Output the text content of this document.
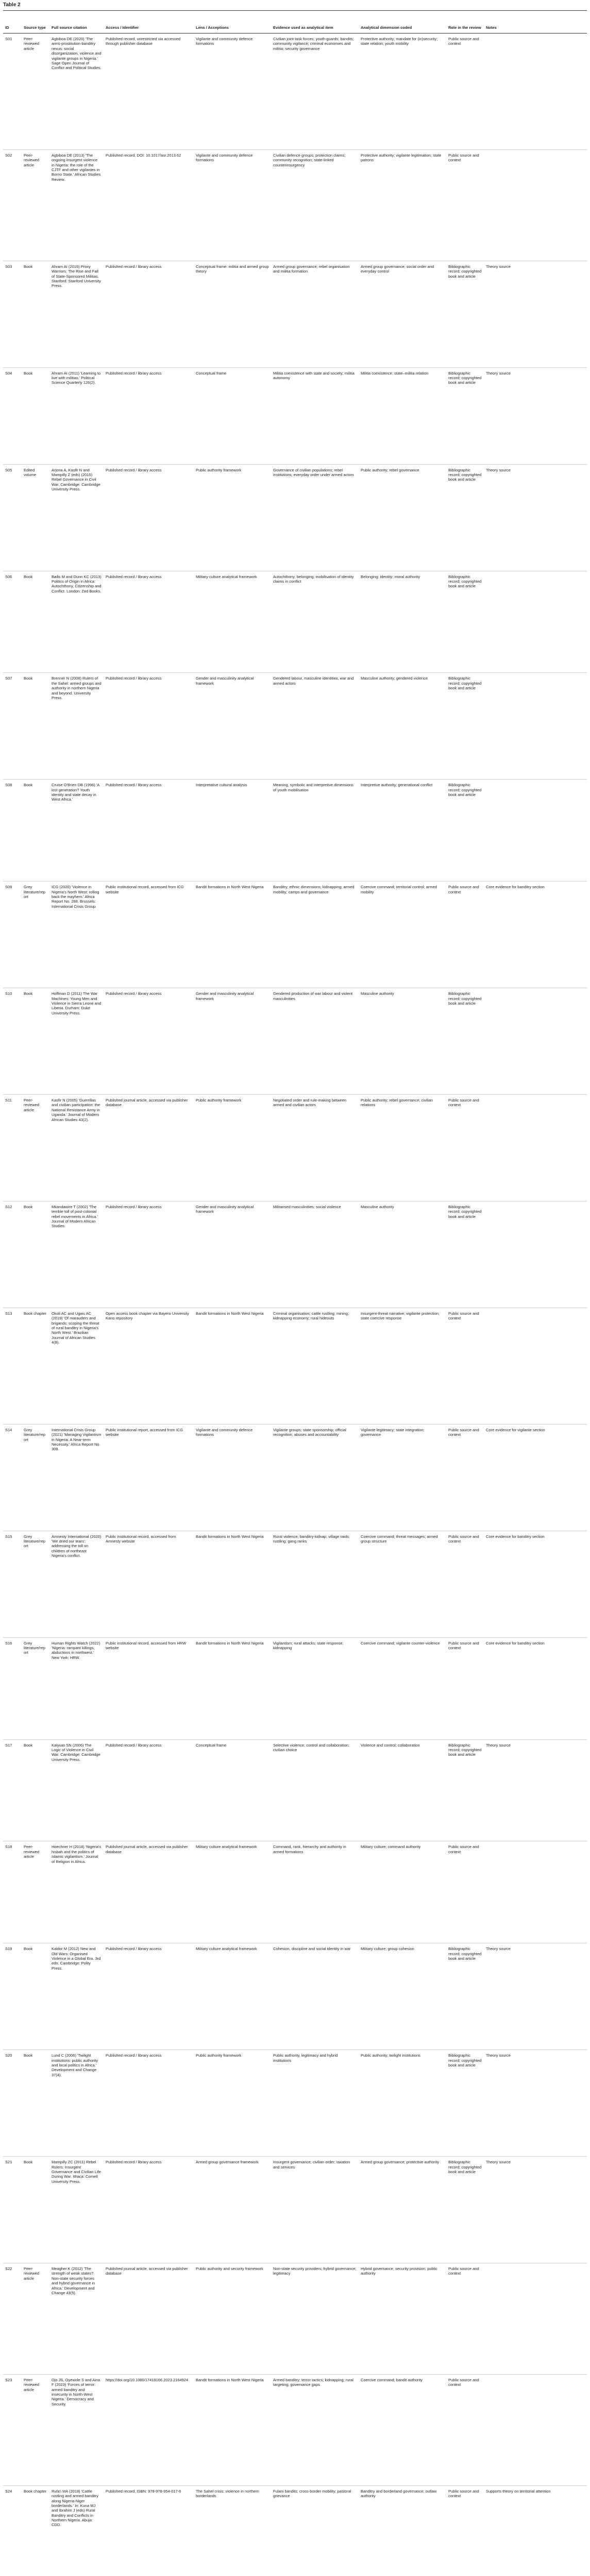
Table 2
ID	Source type	Full source citation	Access / Identifier	Lens / Acceptions	Evidence used as analytical item	Analytical dimension coded	Role in the review	Notes
S01	Peer-reviewed article	Agbiboa DE (2020) 'The arms-prostitution-banditry nexus: social disorganization, violence and vigilante groups in Nigeria.' Sage Open Journal of Conflict and Political Studies.	Published record, unrestricted via accessed through publisher database	Vigilante and community defence formations	Civilian joint task forces; youth-guards; bandits; community vigilance; criminal economies and militia; security governance	Protective authority; mandate for (in)security; state relation; youth mobility	Public source and context	
S02	Peer-reviewed article	Agbiboa DE (2013) 'The ongoing insurgent violence in Nigeria: the role of the CJTF and other vigilantes in Borno State.' African Studies Review.	Published record, DOI: 10.1017/asr.2013.62	Vigilante and community defence formations	Civilian defence groups; protection claims; community recognition; state-linked counterinsurgency	Protective authority; vigilante legitimation; state patrons	Public source and context	
S03	Book	Ahram AI (2016) Proxy Warriors: The Rise and Fall of State-Sponsored Militias. Stanford: Stanford University Press.	Published record / library access	Conceptual frame: militia and armed group theory	Armed group governance; rebel organisation and militia formation	Armed group governance; social order and everyday control	Bibliographic record; copyrighted book and article	Theory source
S04	Book	Ahram AI (2011) 'Learning to live with militias.' Political Science Quarterly 126(2).	Published record / library access	Conceptual frame	Militia coexistence with state and society; militia autonomy	Militia coexistence; state–militia relation	Bibliographic record; copyrighted book and article	Theory source
S05	Edited volume	Arjona A, Kasfir N and Mampilly Z (eds) (2015) Rebel Governance in Civil War. Cambridge: Cambridge University Press.	Published record / library access	Public authority framework	Governance of civilian populations; rebel institutions; everyday order under armed actors	Public authority; rebel governance	Bibliographic record; copyrighted book and article	Theory source
S06	Book	Bøås M and Dunn KC (2013) Politics of Origin in Africa: Autochthony, Citizenship and Conflict. London: Zed Books.	Published record / library access	Military culture analytical framework	Autochthony; belonging; mobilisation of identity claims in conflict	Belonging; identity; moral authority	Bibliographic record; copyrighted book and article	
S07	Book	Brenner N (2008) Rulers of the Sahel: armed groups and authority in northern Nigeria and beyond. University Press.	Published record / library access	Gender and masculinity analytical framework	Gendered labour, masculine identities, war and armed actors	Masculine authority; gendered violence	Bibliographic record; copyrighted book and article	
S08	Book	Cruise O'Brien DB (1996) 'A lost generation? Youth identity and state decay in West Africa.'	Published record / library access	Interpretative cultural analysis	Meaning, symbolic and interpretive dimensions of youth mobilisation	Interpretive authority; generational conflict	Bibliographic record; copyrighted book and article	
S09	Grey literature/report	ICG (2020) 'Violence in Nigeria's North West: rolling back the mayhem.' Africa Report No. 288. Brussels: International Crisis Group.	Public institutional record, accessed from ICG website	Bandit formations in North West Nigeria	Banditry; ethnic dimensions; kidnapping; armed mobility; camps and governance	Coercive command; territorial control; armed mobility	Public source and context	Core evidence for banditry section
S10	Book	Hoffman D (2011) The War Machines: Young Men and Violence in Sierra Leone and Liberia. Durham: Duke University Press.	Published record / library access	Gender and masculinity analytical framework	Gendered production of war labour and violent masculinities	Masculine authority	Bibliographic record; copyrighted book and article	
S11	Peer-reviewed article	Kasfir N (2005) 'Guerrillas and civilian participation: the National Resistance Army in Uganda.' Journal of Modern African Studies 43(2).	Published journal article, accessed via publisher database	Public authority framework	Negotiated order and rule-making between armed and civilian actors	Public authority; rebel governance; civilian relations	Public source and context	
S12	Book	Mkandawire T (2002) 'The terrible toll of post-colonial rebel movements in Africa.' Journal of Modern African Studies.	Published record / library access	Gender and masculinity analytical framework	Militarised masculinities; social violence	Masculine authority	Bibliographic record; copyrighted book and article	
S13	Book chapter	Okoli AC and Ugwu AC (2019) 'Of marauders and brigands: scoping the threat of rural banditry in Nigeria's North West.' Brazilian Journal of African Studies 4(8).	Open access book chapter via Bayero University Kano repository	Bandit formations in North West Nigeria	Criminal organisation; cattle rustling; mining; kidnapping economy; rural hideouts	Insurgent-threat narrative; vigilante protection; state coercive response	Public source and context	
S14	Grey literature/report	International Crisis Group (2021) 'Managing Vigilantism in Nigeria: A Near-term Necessity.' Africa Report No. 308.	Public institutional report, accessed from ICG website	Vigilante and community defence formations	Vigilante groups; state sponsorship; official recognition; abuses and accountability	Vigilante legitimacy; state integration; governance	Public source and context	Core evidence for vigilante section
S15	Grey literature/report	Amnesty International (2020) 'We dried our tears': addressing the toll on children of northeast Nigeria's conflict.	Public institutional record, accessed from Amnesty website	Bandit formations in North West Nigeria	Rural violence; banditry-kidnap; village raids; rustling; gang ranks	Coercive command; threat messages; armed group structure	Public source and context	Core evidence for banditry section
S16	Grey literature/report	Human Rights Watch (2022) 'Nigeria: rampant killings, abductions in northwest.' New York: HRW.	Public institutional record, accessed from HRW website	Bandit formations in North West Nigeria	Vigilantism; rural attacks; state response; kidnapping	Coercive command; vigilante counter-violence	Public source and context	Core evidence for banditry section
S17	Book	Kalyvas SN (2006) The Logic of Violence in Civil War. Cambridge: Cambridge University Press.	Published record / library access	Conceptual frame	Selective violence; control and collaboration; civilian choice	Violence and control; collaboration	Bibliographic record; copyrighted book and article	Theory source
S18	Peer-reviewed article	Hoechner H (2018) 'Nigeria's hisbah and the politics of Islamic vigilantism.' Journal of Religion in Africa.	Published journal article, accessed via publisher database	Military culture analytical framework	Command, rank, hierarchy and authority in armed formations	Military culture; command authority	Public source and context	
S19	Book	Kaldor M (2012) New and Old Wars: Organised Violence in a Global Era. 3rd edn. Cambridge: Polity Press.	Published record / library access	Military culture analytical framework	Cohesion, discipline and social identity in war	Military culture; group cohesion	Bibliographic record; copyrighted book and article	Theory source
S20	Book	Lund C (2006) 'Twilight institutions: public authority and local politics in Africa.' Development and Change 37(4).	Published record / library access	Public authority framework	Public authority, legitimacy and hybrid institutions	Public authority; twilight institutions	Bibliographic record; copyrighted book and article	Theory source
S21	Book	Mampilly ZC (2011) Rebel Rulers: Insurgent Governance and Civilian Life During War. Ithaca: Cornell University Press.	Published record / library access	Armed group governance framework	Insurgent governance; civilian order; taxation and services	Armed group governance; protective authority	Bibliographic record; copyrighted book and article	Theory source
S22	Peer-reviewed article	Meagher K (2012) 'The strength of weak states? Non-state security forces and hybrid governance in Africa.' Development and Change 43(5).	Published journal article, accessed via publisher database	Public authority and security framework	Non-state security providers; hybrid governance; legitimacy	Hybrid governance; security provision; public authority	Public source and context	
S23	Peer-reviewed article	Ojo JS, Oyewole S and Aina F (2023) 'Forces of terror: armed banditry and insecurity in North-West Nigeria.' Democracy and Security.	https://doi.org/10.1080/17419166.2023.2164924	Bandit formations in North West Nigeria	Armed banditry; terror tactics; kidnapping; rural targeting; governance gaps	Coercive command; bandit authority	Public source and context	
S24	Book chapter	Rufa'i MA (2018) 'Cattle rustling and armed banditry along Nigeria-Niger borderlands.' In: Kuna MJ and Ibrahim J (eds) Rural Banditry and Conflicts in Northern Nigeria. Abuja: CDD.	Published record, ISBN: 978-978-954-017-6	The Sahel crisis: violence in northern borderlands	Fulani bandits; cross-border mobility; pastoral grievance	Banditry and borderland governance; outlaw authority	Public source and context	Supports theory on territorial attention
